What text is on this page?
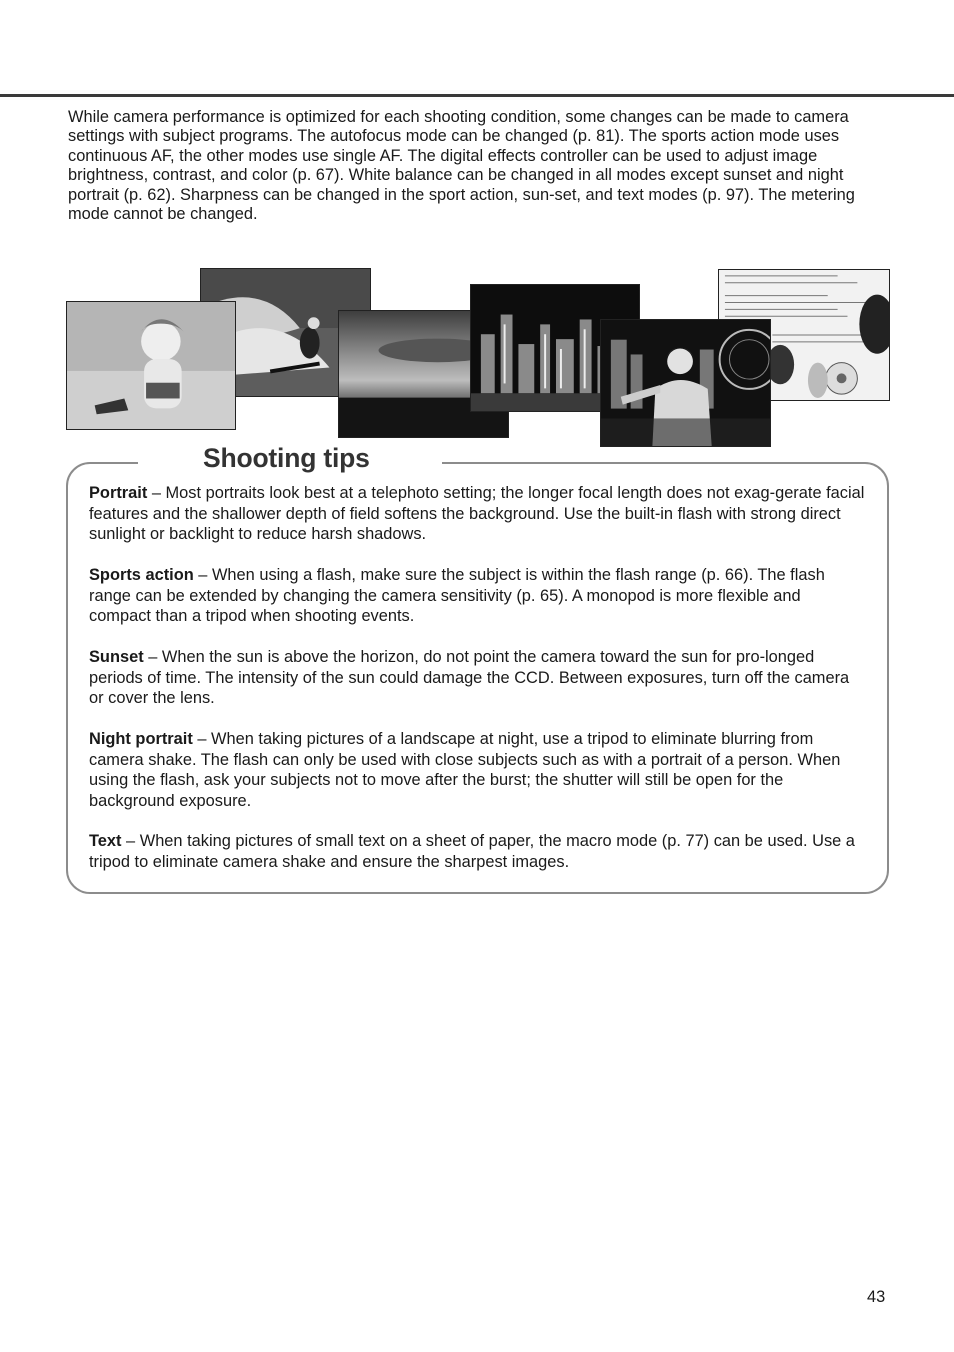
While camera performance is optimized for each shooting condition, some changes can be made to camera settings with subject programs. The autofocus mode can be changed (p. 81). The sports action mode uses continuous AF, the other modes use single AF. The digital effects controller can be used to adjust image brightness, contrast, and color (p. 67). White balance can be changed in all modes except sunset and night portrait (p. 62). Sharpness can be changed in the sport action, sun-set, and text modes (p. 97). The metering mode cannot be changed.

Shooting tips

Portrait – Most portraits look best at a telephoto setting; the longer focal length does not exag-gerate facial features and the shallower depth of field softens the background. Use the built-in flash with strong direct sunlight or backlight to reduce harsh shadows.

Sports action – When using a flash, make sure the subject is within the flash range (p. 66). The flash range can be extended by changing the camera sensitivity (p. 65). A monopod is more flexible and compact than a tripod when shooting events.

Sunset – When the sun is above the horizon, do not point the camera toward the sun for pro-longed periods of time. The intensity of the sun could damage the CCD. Between exposures, turn off the camera or cover the lens.

Night portrait – When taking pictures of a landscape at night, use a tripod to eliminate blurring from camera shake. The flash can only be used with close subjects such as with a portrait of a person. When using the flash, ask your subjects not to move after the burst; the shutter will still be open for the background exposure.

Text – When taking pictures of small text on a sheet of paper, the macro mode (p. 77) can be used. Use a tripod to eliminate camera shake and ensure the sharpest images.

43
